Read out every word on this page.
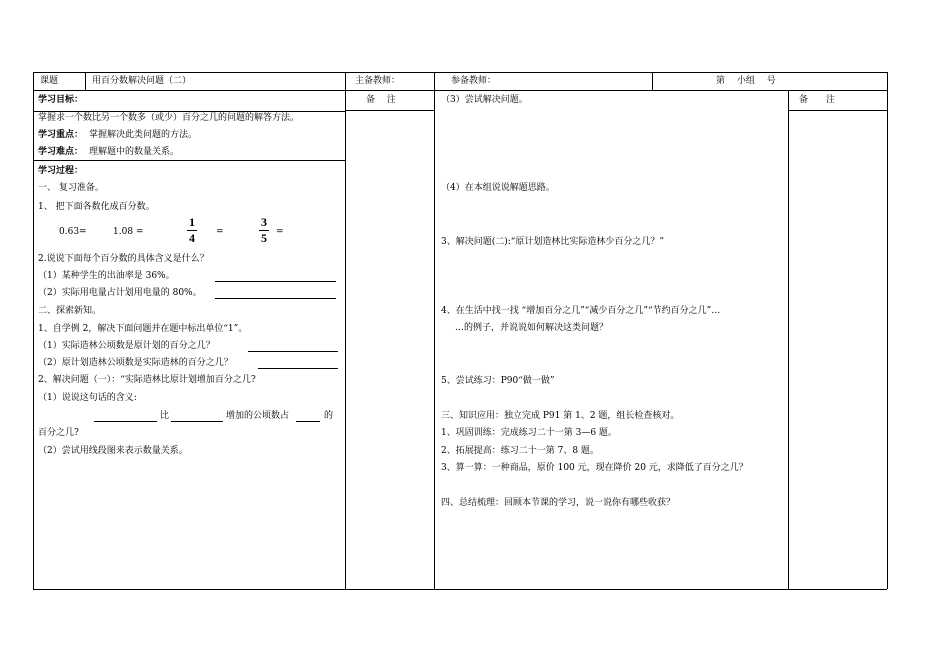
课题	用百分数解决问题（二）	主备教师：	参备教师：	第　 小组　 号
备　 注	备　　注
学习目标：
掌握求一个数比另一个数多（或少）百分之几的问题的解答方法。
学习重点： 掌握解决此类问题的方法。
学习难点： 理解题中的数量关系。
学习过程：
一、 复习准备。
1、 把下面各数化成百分数。
0.63=	1.08 =
1
4	=
3
5	=
2.说说下面每个百分数的具体含义是什么？
（1）某种学生的出油率是 36%。
（2）实际用电量占计划用电量的 80%。
二、探索新知。
1、自学例 2，解决下面问题并在题中标出单位“1”。
（1）实际造林公顷数是原计划的百分之几？
（2）原计划造林公顷数是实际造林的百分之几？
2、解决问题（一）：“实际造林比原计划增加百分之几?
（1）说说这句话的含义:
比	增加的公顷数占	的
百分之几?
（2）尝试用线段图来表示数量关系。
（3）尝试解决问题。
（4）在本组说说解题思路。
3、解决问题(二):“原计划造林比实际造林少百分之几？”
4、在生活中找一找 “增加百分之几”“减少百分之几”“节约百分之几”…
…的例子，并说说如何解决这类问题？
5、尝试练习：P90“做一做”
三、知识应用：独立完成 P91 第 1、2 题，组长检查核对。
1、巩固训练：完成练习二十一第 3—6 题。
2、拓展提高：练习二十一第 7、8 题。
3、算一算：一种商品，原价 100 元，现在降价 20 元，求降低了百分之几？
四、总结梳理：回顾本节课的学习，说一说你有哪些收获？
